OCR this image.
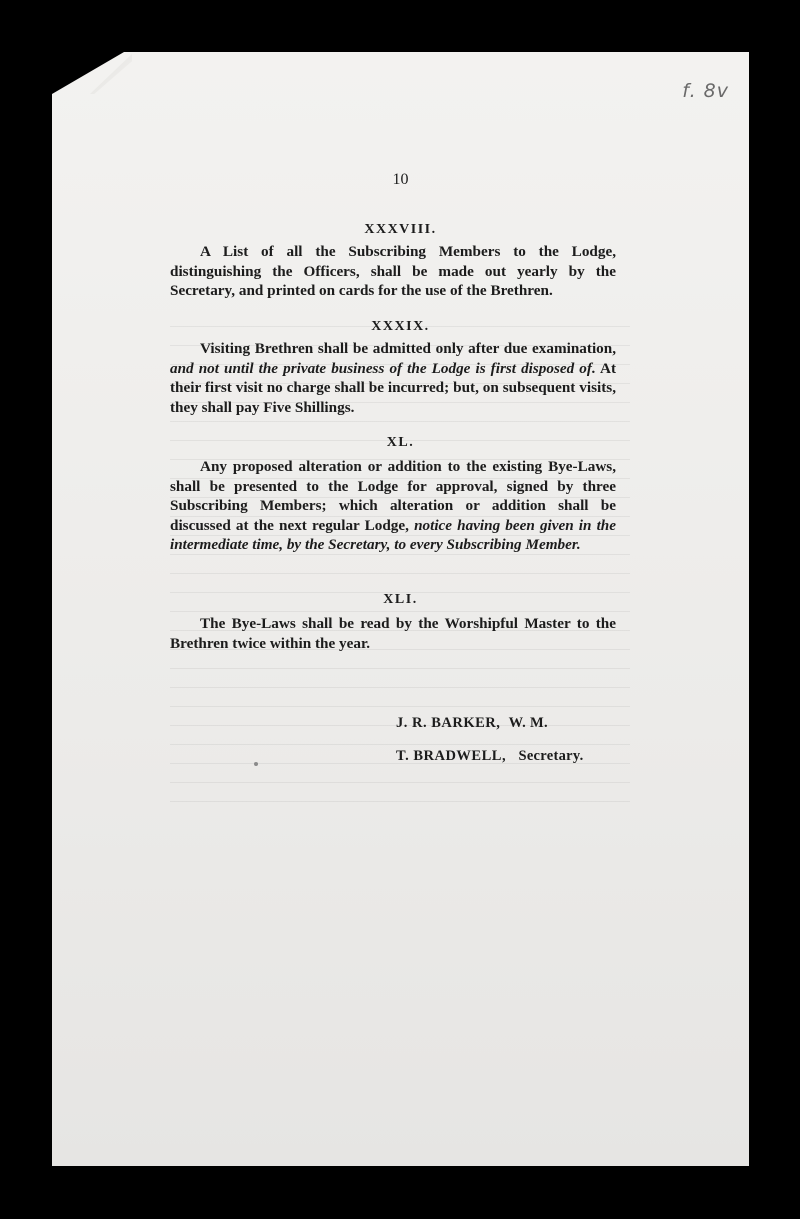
f. 8v
10
XXXVIII.
A List of all the Subscribing Members to the Lodge, distinguishing the Officers, shall be made out yearly by the Secretary, and printed on cards for the use of the Brethren.
XXXIX.
Visiting Brethren shall be admitted only after due examination, and not until the private business of the Lodge is first disposed of. At their first visit no charge shall be incurred; but, on subsequent visits, they shall pay Five Shillings.
XL.
Any proposed alteration or addition to the existing Bye-Laws, shall be presented to the Lodge for approval, signed by three Subscribing Members; which alteration or addition shall be discussed at the next regular Lodge, notice having been given in the intermediate time, by the Secretary, to every Subscribing Member.
XLI.
The Bye-Laws shall be read by the Worshipful Master to the Brethren twice within the year.
J. R. BARKER, W. M.
T. BRADWELL, Secretary.
